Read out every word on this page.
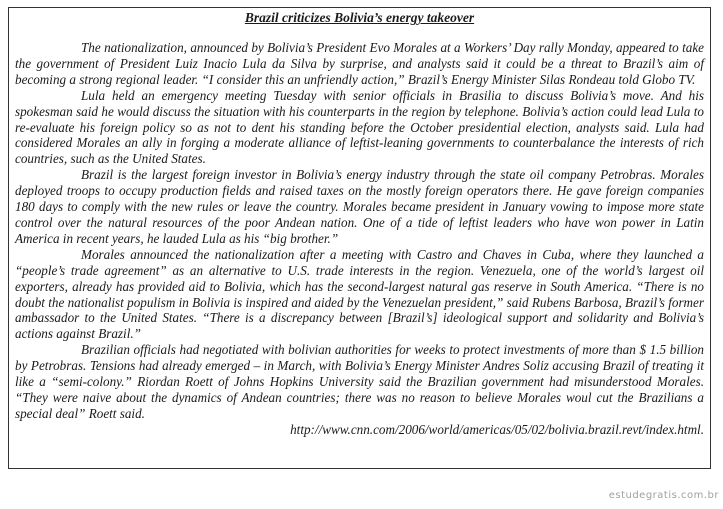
Brazil criticizes Bolivia’s energy takeover

The nationalization, announced by Bolivia’s President Evo Morales at a Workers’ Day rally Monday, appeared to take the government of President Luiz Inacio Lula da Silva by surprise, and analysts said it could be a threat to Brazil’s aim of becoming a strong regional leader. “I consider this an unfriendly action,” Brazil’s Energy Minister Silas Rondeau told Globo TV.

Lula held an emergency meeting Tuesday with senior officials in Brasilia to discuss Bolivia’s move. And his spokesman said he would discuss the situation with his counterparts in the region by telephone. Bolivia’s action could lead Lula to re-evaluate his foreign policy so as not to dent his standing before the October presidential election, analysts said. Lula had considered Morales an ally in forging a moderate alliance of leftist-leaning governments to counterbalance the interests of rich countries, such as the United States.

Brazil is the largest foreign investor in Bolivia’s energy industry through the state oil company Petrobras. Morales deployed troops to occupy production fields and raised taxes on the mostly foreign operators there. He gave foreign companies 180 days to comply with the new rules or leave the country. Morales became president in January vowing to impose more state control over the natural resources of the poor Andean nation. One of a tide of leftist leaders who have won power in Latin America in recent years, he lauded Lula as his “big brother.”

Morales announced the nationalization after a meeting with Castro and Chaves in Cuba, where they launched a “people’s trade agreement” as an alternative to U.S. trade interests in the region. Venezuela, one of the world’s largest oil exporters, already has provided aid to Bolivia, which has the second-largest natural gas reserve in South America. “There is no doubt the nationalist populism in Bolivia is inspired and aided by the Venezuelan president,” said Rubens Barbosa, Brazil’s former ambassador to the United States. “There is a discrepancy between [Brazil’s] ideological support and solidarity and Bolivia’s actions against Brazil.”

Brazilian officials had negotiated with bolivian authorities for weeks to protect investments of more than $ 1.5 billion by Petrobras. Tensions had already emerged – in March, with Bolivia’s Energy Minister Andres Soliz accusing Brazil of treating it like a “semi-colony.” Riordan Roett of Johns Hopkins University said the Brazilian government had misunderstood Morales. “They were naive about the dynamics of Andean countries; there was no reason to believe Morales woul cut the Brazilians a special deal” Roett said.

http://www.cnn.com/2006/world/americas/05/02/bolivia.brazil.revt/index.html.

estudegratis.com.br
